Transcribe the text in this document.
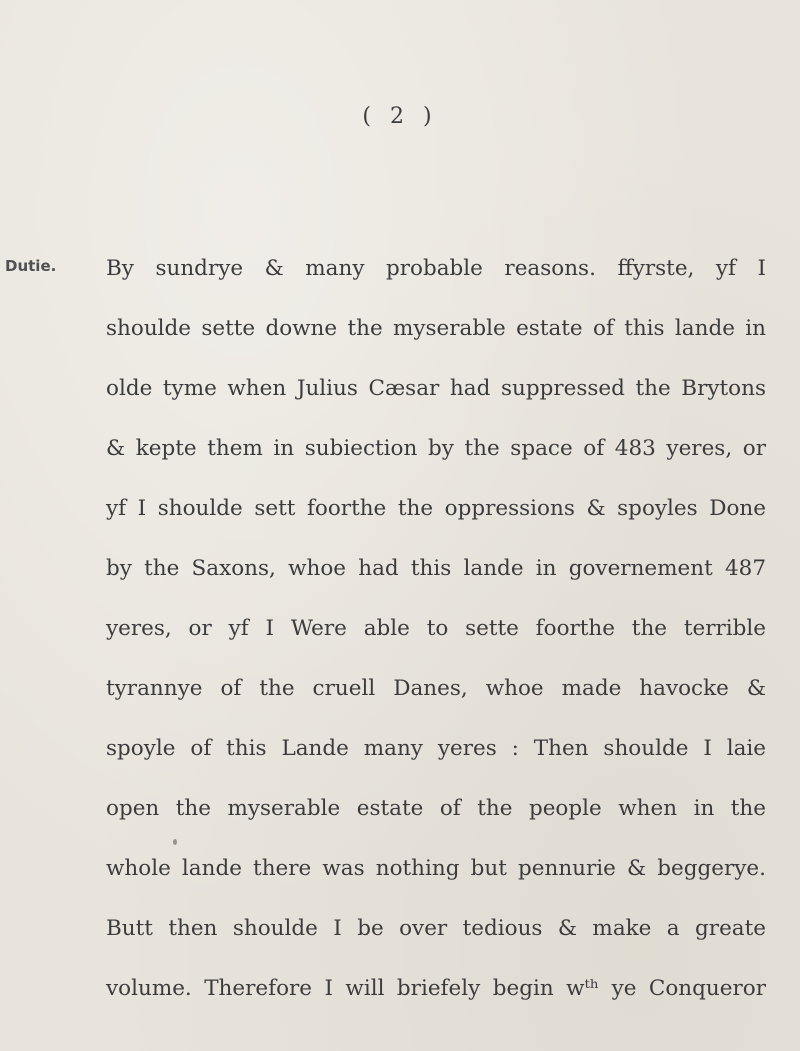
( 2 )
Dutie. By sundrye & many probable reasons. ffyrste, yf I
shoulde sette downe the myserable estate of this lande in
olde tyme when Julius Cæsar had suppressed the Brytons
& kepte them in subiection by the space of 483 yeres, or
yf I shoulde sett foorthe the oppressions & spoyles Done
by the Saxons, whoe had this lande in governement 487
yeres, or yf I Were able to sette foorthe the terrible
tyrannye of the cruell Danes, whoe made havocke &
spoyle of this Lande many yeres : Then shoulde I laie
open the myserable estate of the people when in the
whole lande there was nothing but pennurie & beggerye.
Butt then shoulde I be over tedious & make a greate
volume. Therefore I will briefely begin wᵗʰ ye Conqueror
